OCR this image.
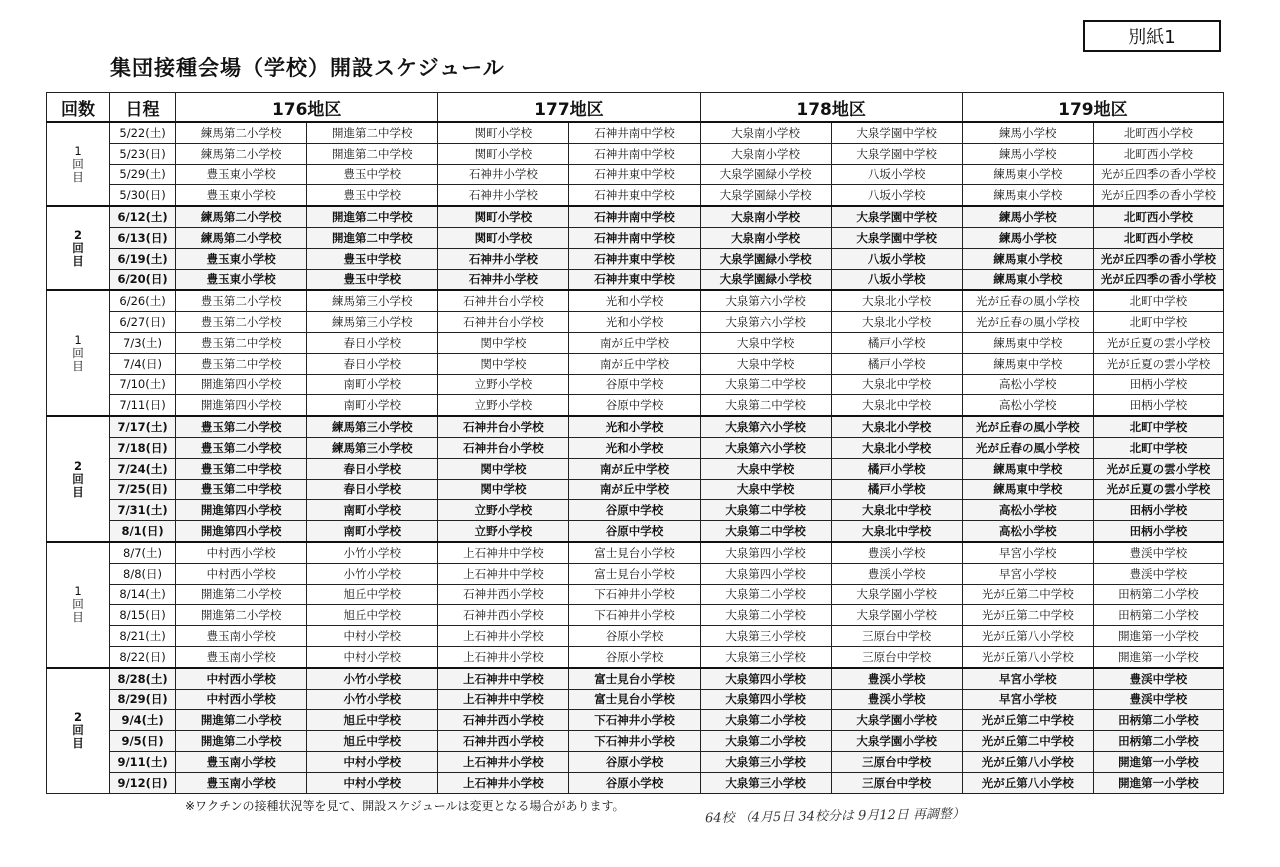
別紙1
集団接種会場（学校）開設スケジュール
回数	日程	176地区		177地区		178地区		179地区	

1
回
目	5/22(土)	練馬第二小学校	開進第二中学校	関町小学校	石神井南中学校	大泉南小学校	大泉学園中学校	練馬小学校	北町西小学校
	5/23(日)	練馬第二小学校	開進第二中学校	関町小学校	石神井南中学校	大泉南小学校	大泉学園中学校	練馬小学校	北町西小学校
	5/29(土)	豊玉東小学校	豊玉中学校	石神井小学校	石神井東中学校	大泉学園緑小学校	八坂小学校	練馬東小学校	光が丘四季の香小学校
	5/30(日)	豊玉東小学校	豊玉中学校	石神井小学校	石神井東中学校	大泉学園緑小学校	八坂小学校	練馬東小学校	光が丘四季の香小学校

2
回
目	6/12(土)	練馬第二小学校	開進第二中学校	関町小学校	石神井南中学校	大泉南小学校	大泉学園中学校	練馬小学校	北町西小学校
	6/13(日)	練馬第二小学校	開進第二中学校	関町小学校	石神井南中学校	大泉南小学校	大泉学園中学校	練馬小学校	北町西小学校
	6/19(土)	豊玉東小学校	豊玉中学校	石神井小学校	石神井東中学校	大泉学園緑小学校	八坂小学校	練馬東小学校	光が丘四季の香小学校
	6/20(日)	豊玉東小学校	豊玉中学校	石神井小学校	石神井東中学校	大泉学園緑小学校	八坂小学校	練馬東小学校	光が丘四季の香小学校

1
回
目	6/26(土)	豊玉第二小学校	練馬第三小学校	石神井台小学校	光和小学校	大泉第六小学校	大泉北小学校	光が丘春の風小学校	北町中学校
	6/27(日)	豊玉第二小学校	練馬第三小学校	石神井台小学校	光和小学校	大泉第六小学校	大泉北小学校	光が丘春の風小学校	北町中学校
	7/3(土)	豊玉第二中学校	春日小学校	関中学校	南が丘中学校	大泉中学校	橘戸小学校	練馬東中学校	光が丘夏の雲小学校
	7/4(日)	豊玉第二中学校	春日小学校	関中学校	南が丘中学校	大泉中学校	橘戸小学校	練馬東中学校	光が丘夏の雲小学校
	7/10(土)	開進第四小学校	南町小学校	立野小学校	谷原中学校	大泉第二中学校	大泉北中学校	高松小学校	田柄小学校
	7/11(日)	開進第四小学校	南町小学校	立野小学校	谷原中学校	大泉第二中学校	大泉北中学校	高松小学校	田柄小学校

2
回
目	7/17(土)	豊玉第二小学校	練馬第三小学校	石神井台小学校	光和小学校	大泉第六小学校	大泉北小学校	光が丘春の風小学校	北町中学校
	7/18(日)	豊玉第二小学校	練馬第三小学校	石神井台小学校	光和小学校	大泉第六小学校	大泉北小学校	光が丘春の風小学校	北町中学校
	7/24(土)	豊玉第二中学校	春日小学校	関中学校	南が丘中学校	大泉中学校	橘戸小学校	練馬東中学校	光が丘夏の雲小学校
	7/25(日)	豊玉第二中学校	春日小学校	関中学校	南が丘中学校	大泉中学校	橘戸小学校	練馬東中学校	光が丘夏の雲小学校
	7/31(土)	開進第四小学校	南町小学校	立野小学校	谷原中学校	大泉第二中学校	大泉北中学校	高松小学校	田柄小学校
	8/1(日)	開進第四小学校	南町小学校	立野小学校	谷原中学校	大泉第二中学校	大泉北中学校	高松小学校	田柄小学校

1
回
目	8/7(土)	中村西小学校	小竹小学校	上石神井中学校	富士見台小学校	大泉第四小学校	豊渓小学校	早宮小学校	豊渓中学校
	8/8(日)	中村西小学校	小竹小学校	上石神井中学校	富士見台小学校	大泉第四小学校	豊渓小学校	早宮小学校	豊渓中学校
	8/14(土)	開進第二小学校	旭丘中学校	石神井西小学校	下石神井小学校	大泉第二小学校	大泉学園小学校	光が丘第二中学校	田柄第二小学校
	8/15(日)	開進第二小学校	旭丘中学校	石神井西小学校	下石神井小学校	大泉第二小学校	大泉学園小学校	光が丘第二中学校	田柄第二小学校
	8/21(土)	豊玉南小学校	中村小学校	上石神井小学校	谷原小学校	大泉第三小学校	三原台中学校	光が丘第八小学校	開進第一小学校
	8/22(日)	豊玉南小学校	中村小学校	上石神井小学校	谷原小学校	大泉第三小学校	三原台中学校	光が丘第八小学校	開進第一小学校

2
回
目	8/28(土)	中村西小学校	小竹小学校	上石神井中学校	富士見台小学校	大泉第四小学校	豊渓小学校	早宮小学校	豊渓中学校
	8/29(日)	中村西小学校	小竹小学校	上石神井中学校	富士見台小学校	大泉第四小学校	豊渓小学校	早宮小学校	豊渓中学校
	9/4(土)	開進第二小学校	旭丘中学校	石神井西小学校	下石神井小学校	大泉第二小学校	大泉学園小学校	光が丘第二中学校	田柄第二小学校
	9/5(日)	開進第二小学校	旭丘中学校	石神井西小学校	下石神井小学校	大泉第二小学校	大泉学園小学校	光が丘第二中学校	田柄第二小学校
	9/11(土)	豊玉南小学校	中村小学校	上石神井小学校	谷原小学校	大泉第三小学校	三原台中学校	光が丘第八小学校	開進第一小学校
	9/12(日)	豊玉南小学校	中村小学校	上石神井小学校	谷原小学校	大泉第三小学校	三原台中学校	光が丘第八小学校	開進第一小学校
※ワクチンの接種状況等を見て、開設スケジュールは変更となる場合があります。
64校 （4月5日 34校分は 9月12日 再調整）
